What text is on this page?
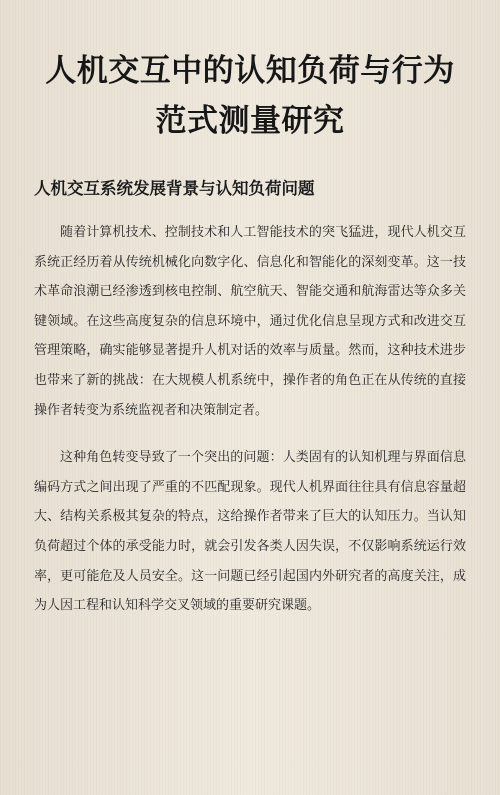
人机交互中的认知负荷与行为
范式测量研究
人机交互系统发展背景与认知负荷问题

随着计算机技术、控制技术和人工智能技术的突飞猛进，现代人机交互系统正经历着从传统机械化向数字化、信息化和智能化的深刻变革。这一技术革命浪潮已经渗透到核电控制、航空航天、智能交通和航海雷达等众多关键领域。在这些高度复杂的信息环境中，通过优化信息呈现方式和改进交互管理策略，确实能够显著提升人机对话的效率与质量。然而，这种技术进步也带来了新的挑战：在大规模人机系统中，操作者的角色正在从传统的直接操作者转变为系统监视者和决策制定者。

这种角色转变导致了一个突出的问题：人类固有的认知机理与界面信息编码方式之间出现了严重的不匹配现象。现代人机界面往往具有信息容量超大、结构关系极其复杂的特点，这给操作者带来了巨大的认知压力。当认知负荷超过个体的承受能力时，就会引发各类人因失误，不仅影响系统运行效率，更可能危及人员安全。这一问题已经引起国内外研究者的高度关注，成为人因工程和认知科学交叉领域的重要研究课题。
